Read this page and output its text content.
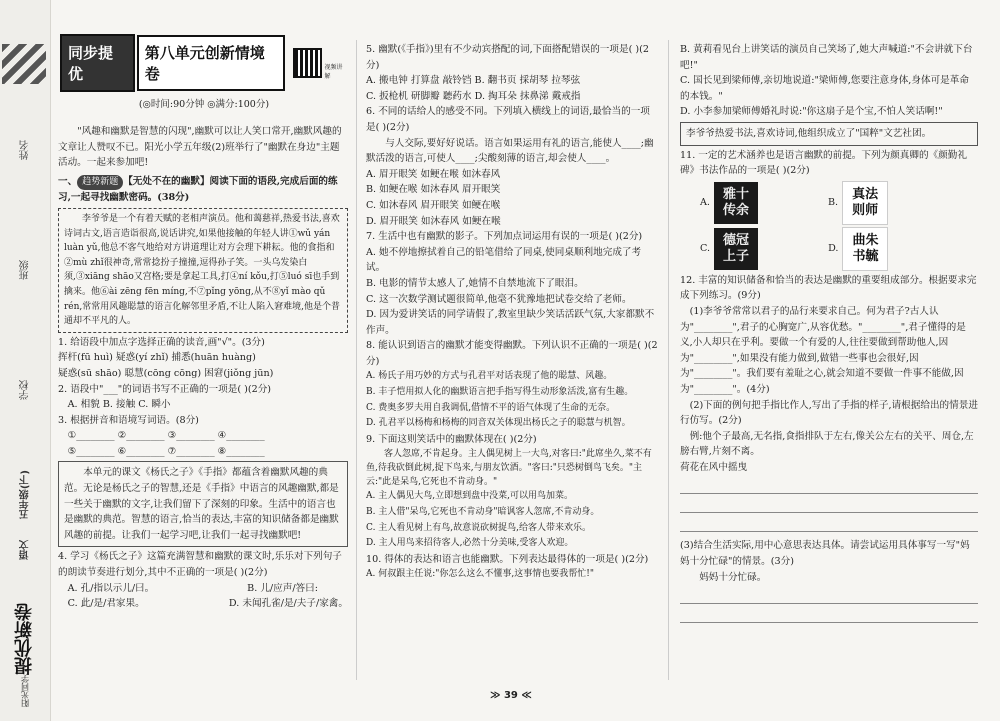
姓名
班级
学校
五年级(下)
语文
阳光同学
提优新卷
同步提优
第八单元创新情境卷	视频讲解
(◎时间:90分钟 ◎满分:100分)

"风趣和幽默是智慧的闪现",幽默可以让人笑口常开,幽默风趣的文章让人赞叹不已。阳光小学五年级(2)班举行了"幽默在身边"主题活动。一起来参加吧!

一、 趋势新题 【无处不在的幽默】阅读下面的语段,完成后面的练习,一起寻找幽默密码。(38分)

李爷爷是一个有着天赋的老相声演员。他和蔼慈祥,热爱书法,喜欢诗词古文,语言造诣很高,说话讲究,如果他接触的年轻人讲①wǔ yán luàn yǔ,他总不客气地给对方讲道理让对方会理下耕耘。他的食指和②mù zhǐ很神奇,常常捻扮子撞撞,逗得孙子笑。一头乌发染白须,③xiāng shāo又宫格;要是拿起工具,打④ní kǒu,打⑤luó sī也手到擒来。他⑥ài zēng fēn míng,不⑦pǐng yōng,从不⑧yǐ mào qǔ rén,常常用风趣聪慧的语言化解邻里矛盾,不让人陷入窘难境,他是个普通却不平凡的人。

1. 给语段中加点字选择正确的读音,画"√"。(3分)

挥杆(fū huì) 疑惑(yí zhǐ) 捕悉(huān huàng)

疑惑(sū shāo) 聪慧(cōng cōng) 困窘(jiǒng jūn)

2. 语段中"___"的词语书写不正确的一项是( )(2分)

A. 相貌 B. 接触 C. 瞬小

3. 根据拼音和语境写词语。(8分)

①________ ②________ ③________ ④________

⑤________ ⑥________ ⑦________ ⑧________

本单元的课文《杨氏之子》《手指》都蕴含着幽默风趣的典范。无论是杨氏之子的智慧,还是《手指》中语言的风趣幽默,都是一些关于幽默的文字,让我们留下了深刻的印象。生活中的语言也是幽默的典范。智慧的语言,恰当的表达,丰富的知识储备都是幽默风趣的前提。让我们一起学习吧,让我们一起寻找幽默吧!

4. 学习《杨氏之子》这篇充满智慧和幽默的课文时,乐乐对下列句子的朗读节奏进行划分,其中不正确的一项是( )(2分)

A. 孔/指以示儿/曰。	B. 儿/应声/答曰:
C. 此/是/君家果。	D. 未闻孔雀/是/夫子/家禽。

5. 幽默(《手指》)里有不少动宾搭配的词,下面搭配错误的一项是( )(2分)

A. 搬电钟 打算盘 敲铃铛 B. 翻书页 採胡琴 拉琴弦

C. 扳枪机 研脚瓣 聽药水 D. 掏耳朵 抹鼻涕 戴戒指

6. 不同的话给人的感受不同。下列填入横线上的词语,最恰当的一项是( )(2分)

与人交际,要好好说话。语言如果运用有礼的语言,能使人____;幽默活泼的语言,可使人____;尖酸刻薄的语言,却会使人____。

A. 眉开眼笑 如鲠在喉 如沐春风

B. 如鲠在喉 如沐春风 眉开眼笑

C. 如沐春风 眉开眼笑 如鲠在喉

D. 眉开眼笑 如沐春风 如鲠在喉

7. 生活中也有幽默的影子。下列加点词运用有误的一项是( )(2分)

A. 她不停地擦拭着自己的铅笔借给了同桌,使同桌顺利地完成了考试。

B. 电影的情节太感人了,她情不自禁地流下了眼泪。

C. 这一次数学测试题很简单,他毫不犹豫地把试卷交给了老师。

D. 因为爱讲笑话的同学请假了,教室里缺少笑话活跃气氛,大家都默不作声。

8. 能认识到语言的幽默才能变得幽默。下列认识不正确的一项是( )(2分)

A. 杨氏子用巧妙的方式与孔君平对话表现了他的聪慧、风趣。

B. 丰子恺用拟人化的幽默语言把手指写得生动形象活泼,富有生趣。

C. 费奥多罗夫用自我调侃,借情不平的语气体现了生命的无奈。

D. 孔君平以杨梅和杨梅的同音双关体现出杨氏之子的聪慧与机智。

9. 下面这则笑话中的幽默体现在( )(2分)

客人忽席,不肯起身。主人偶见树上一大鸟,对客曰:"此席坐久,菜不有鱼,待我砍倒此树,捉下鸟来,与朋友饮酒。"客曰:"只恐树倒鸟飞矣。"主云:"此是呆鸟,它死也不肯动身。"

A. 主人偶见大鸟,立即想到盘中没菜,可以用鸟加菜。

B. 主人借"呆鸟,它死也不肯动身"暗讽客人忽席,不肯动身。

C. 主人看见树上有鸟,故意说砍树捉鸟,给客人带来欢乐。

D. 主人用鸟来招待客人,必然十分美味,受客人欢迎。

10. 得体的表达和语言也能幽默。下列表达最得体的一项是( )(2分)

A. 何叔跟主任说:"你怎么这么不懂事,这事情也要我帮忙!"

B. 黄莉看见台上讲笑话的演员自己笑场了,她大声喊道:"不会讲就下台吧!"

C. 国长见到梁师傅,亲切地说道:"梁师傅,您要注意身体,身体可是革命的本钱。"

D. 小李参加梁师傅婚礼时说:"你这扇子是个宝,不怕人笑话啊!"

李爷爷热爱书法,喜欢诗词,他组织成立了"国粹"文艺社团。

11. 一定的艺术涵养也是语言幽默的前提。下列为颜真卿的《颜勤礼碑》书法作品的一项是( )(2分)

A.
雅十
传余
B.
真法
则师
C.
德冠
上子
D.
曲朱
书毓

12. 丰富的知识储备和恰当的表达是幽默的重要组成部分。根据要求完成下列练习。(9分)

(1)李爷爷常常以君子的品行来要求自己。何为君子?古人认为"________",君子的心胸宽广,从容优愁。"________",君子懂得的是义,小人却只在乎利。要做一个有爱的人,往往要做到帮助他人,因为"________",如果没有能力做到,做错一些事也会很好,因为"________"。我们要有羞耻之心,就会知道不要做一件事不能做,因为"________"。(4分)

(2)下面的例句把手指比作人,写出了手指的样子,请根据给出的情景进行仿写。(2分)

例:他个子最高,无名指,食指排队于左右,像关公左右的关平、周仓,左膀右臂,片刻不离。

荷花在风中摇曳

(3)结合生活实际,用中心意思表达具体。请尝试运用具体事写一写"妈妈十分忙碌"的情景。(3分)

妈妈十分忙碌。

≫ 39 ≪
